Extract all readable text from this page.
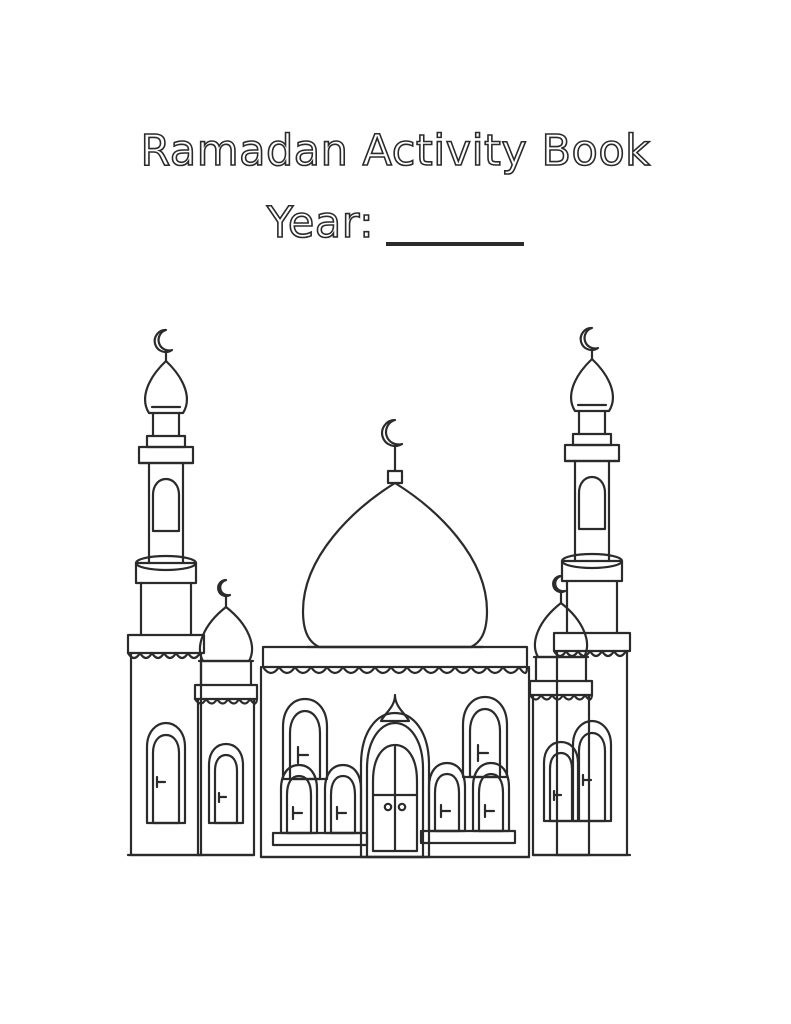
Ramadan Activity Book
Year:
